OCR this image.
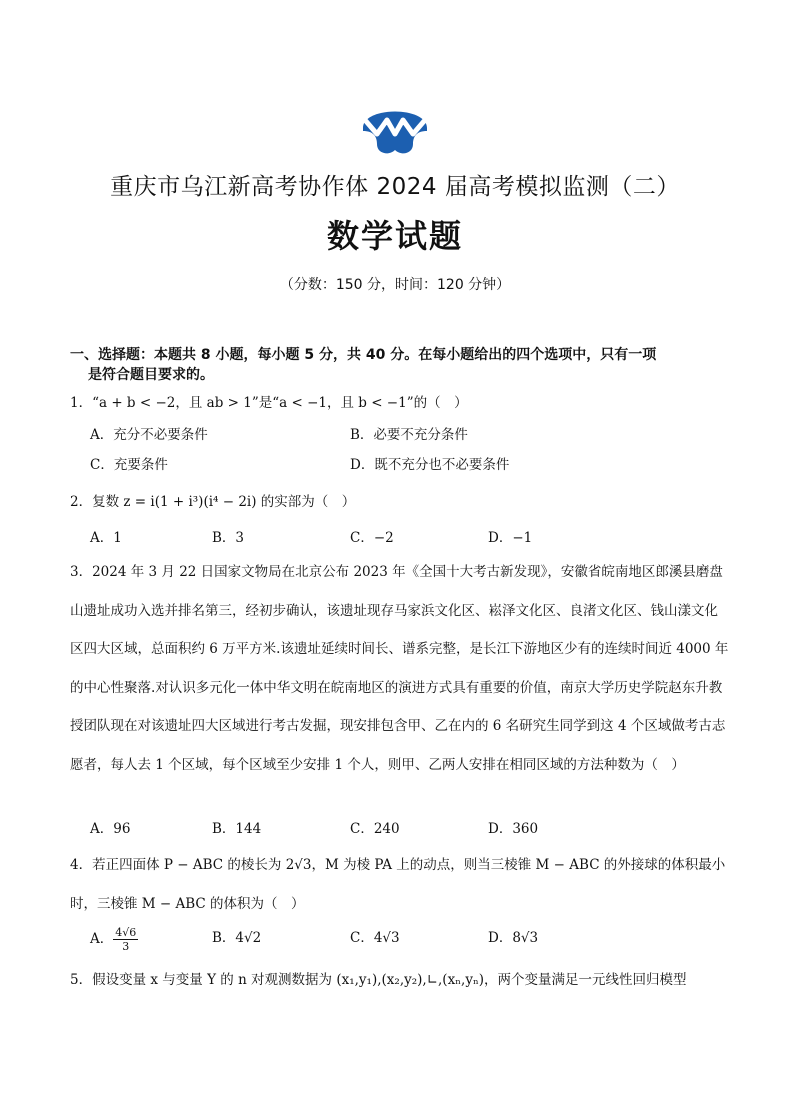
重庆市乌江新高考协作体 2024 届高考模拟监测（二）
数学试题
（分数：150 分，时间：120 分钟）
一、选择题：本题共 8 小题，每小题 5 分，共 40 分。在每小题给出的四个选项中，只有一项
是符合题目要求的。
1．“a + b < −2，且 ab > 1”是“a < −1，且 b < −1”的（　）
A．充分不必要条件	B．必要不充分条件
C．充要条件	D．既不充分也不必要条件
2．复数 z = i(1 + i³)(i⁴ − 2i) 的实部为（　）
A．1	B．3	C．−2	D．−1
3．2024 年 3 月 22 日国家文物局在北京公布 2023 年《全国十大考古新发现》，安徽省皖南地区郎溪县磨盘山遗址成功入选并排名第三，经初步确认，该遗址现存马家浜文化区、崧泽文化区、良渚文化区、钱山漾文化区四大区域，总面积约 6 万平方米.该遗址延续时间长、谱系完整，是长江下游地区少有的连续时间近 4000 年的中心性聚落.对认识多元化一体中华文明在皖南地区的演进方式具有重要的价值，南京大学历史学院赵东升教授团队现在对该遗址四大区域进行考古发掘，现安排包含甲、乙在内的 6 名研究生同学到这 4 个区域做考古志愿者，每人去 1 个区域，每个区域至少安排 1 个人，则甲、乙两人安排在相同区域的方法种数为（　）
A．96	B．144	C．240	D．360
4．若正四面体 P − ABC 的棱长为 2√3，M 为棱 PA 上的动点，则当三棱锥 M − ABC 的外接球的体积最小时，三棱锥 M − ABC 的体积为（　）
A． $\frac{4√6}{3}$	B．4√2	C．4√3	D．8√3
5．假设变量 x 与变量 Y 的 n 对观测数据为 (x₁,y₁),(x₂,y₂),∟,(xₙ,yₙ)，两个变量满足一元线性回归模型
